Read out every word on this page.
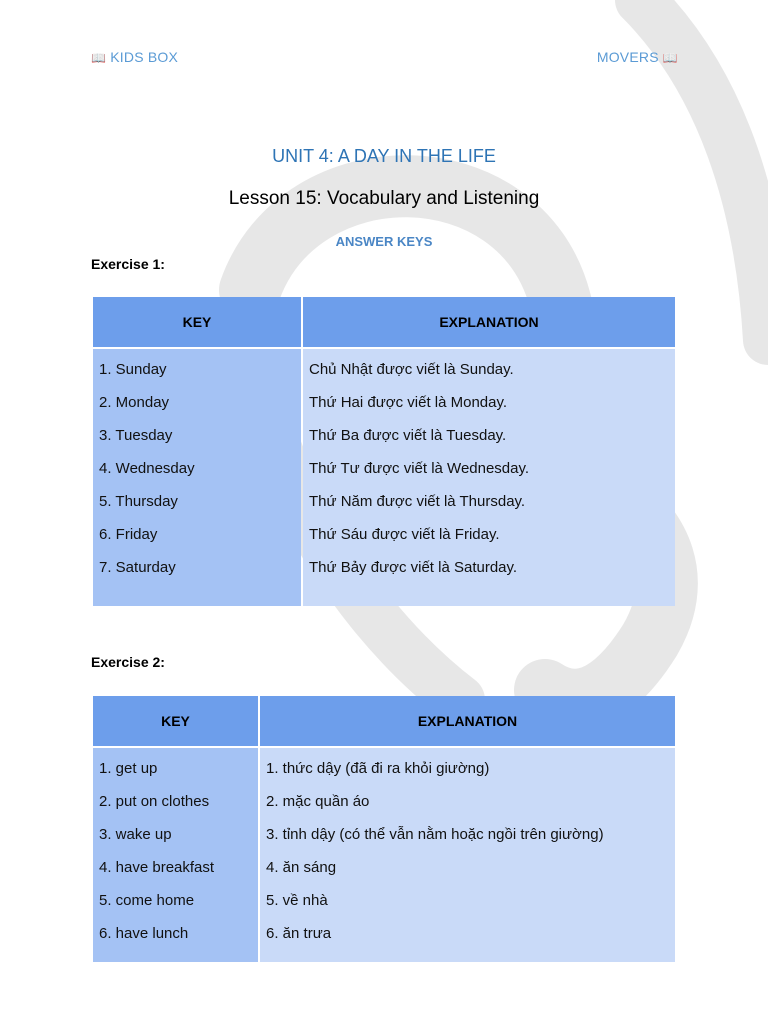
📖 KIDS BOX	MOVERS 📖
UNIT 4: A DAY IN THE LIFE
Lesson 15: Vocabulary and Listening
ANSWER KEYS
Exercise 1:
KEY	EXPLANATION
1. Sunday	Chủ Nhật được viết là Sunday.
2. Monday	Thứ Hai được viết là Monday.
3. Tuesday	Thứ Ba được viết là Tuesday.
4. Wednesday	Thứ Tư được viết là Wednesday.
5. Thursday	Thứ Năm được viết là Thursday.
6. Friday	Thứ Sáu được viết là Friday.
7. Saturday	Thứ Bảy được viết là Saturday.

Exercise 2:
KEY	EXPLANATION
1. get up	1. thức dậy (đã đi ra khỏi giường)
2. put on clothes	2. mặc quần áo
3. wake up	3. tỉnh dậy (có thể vẫn nằm hoặc ngồi trên giường)
4. have breakfast	4. ăn sáng
5. come home	5. về nhà
6. have lunch	6. ăn trưa
